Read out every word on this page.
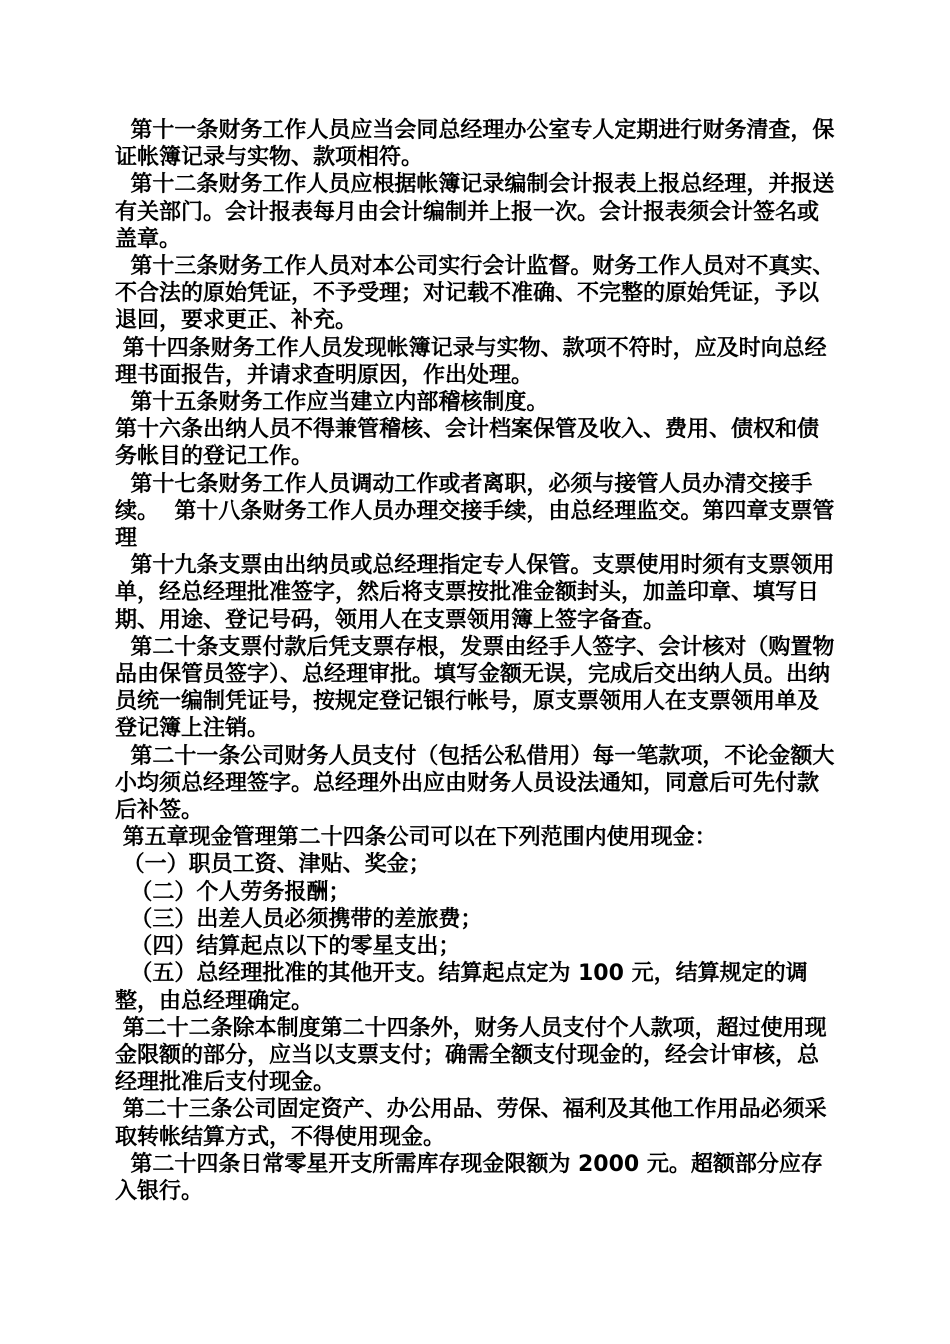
第十一条财务工作人员应当会同总经理办公室专人定期进行财务清查，保证帐簿记录与实物、款项相符。

第十二条财务工作人员应根据帐簿记录编制会计报表上报总经理，并报送有关部门。会计报表每月由会计编制并上报一次。会计报表须会计签名或盖章。

第十三条财务工作人员对本公司实行会计监督。财务工作人员对不真实、不合法的原始凭证，不予受理；对记载不准确、不完整的原始凭证，予以退回，要求更正、补充。

第十四条财务工作人员发现帐簿记录与实物、款项不符时，应及时向总经理书面报告，并请求查明原因，作出处理。

第十五条财务工作应当建立内部稽核制度。

第十六条出纳人员不得兼管稽核、会计档案保管及收入、费用、债权和债务帐目的登记工作。

第十七条财务工作人员调动工作或者离职，必须与接管人员办清交接手续。  第十八条财务工作人员办理交接手续，由总经理监交。第四章支票管理

第十九条支票由出纳员或总经理指定专人保管。支票使用时须有支票领用单，经总经理批准签字，然后将支票按批准金额封头，加盖印章、填写日期、用途、登记号码，领用人在支票领用簿上签字备查。

第二十条支票付款后凭支票存根，发票由经手人签字、会计核对（购置物品由保管员签字）、总经理审批。填写金额无误，完成后交出纳人员。出纳员统一编制凭证号，按规定登记银行帐号，原支票领用人在支票领用单及登记簿上注销。

第二十一条公司财务人员支付（包括公私借用）每一笔款项，不论金额大小均须总经理签字。总经理外出应由财务人员设法通知，同意后可先付款后补签。

第五章现金管理第二十四条公司可以在下列范围内使用现金：

（一）职员工资、津贴、奖金；

（二）个人劳务报酬；

（三）出差人员必须携带的差旅费；

（四）结算起点以下的零星支出；

（五）总经理批准的其他开支。结算起点定为 100 元，结算规定的调整，由总经理确定。

第二十二条除本制度第二十四条外，财务人员支付个人款项，超过使用现金限额的部分，应当以支票支付；确需全额支付现金的，经会计审核，总经理批准后支付现金。

第二十三条公司固定资产、办公用品、劳保、福利及其他工作用品必须采取转帐结算方式，不得使用现金。

第二十四条日常零星开支所需库存现金限额为 2000 元。超额部分应存入银行。
